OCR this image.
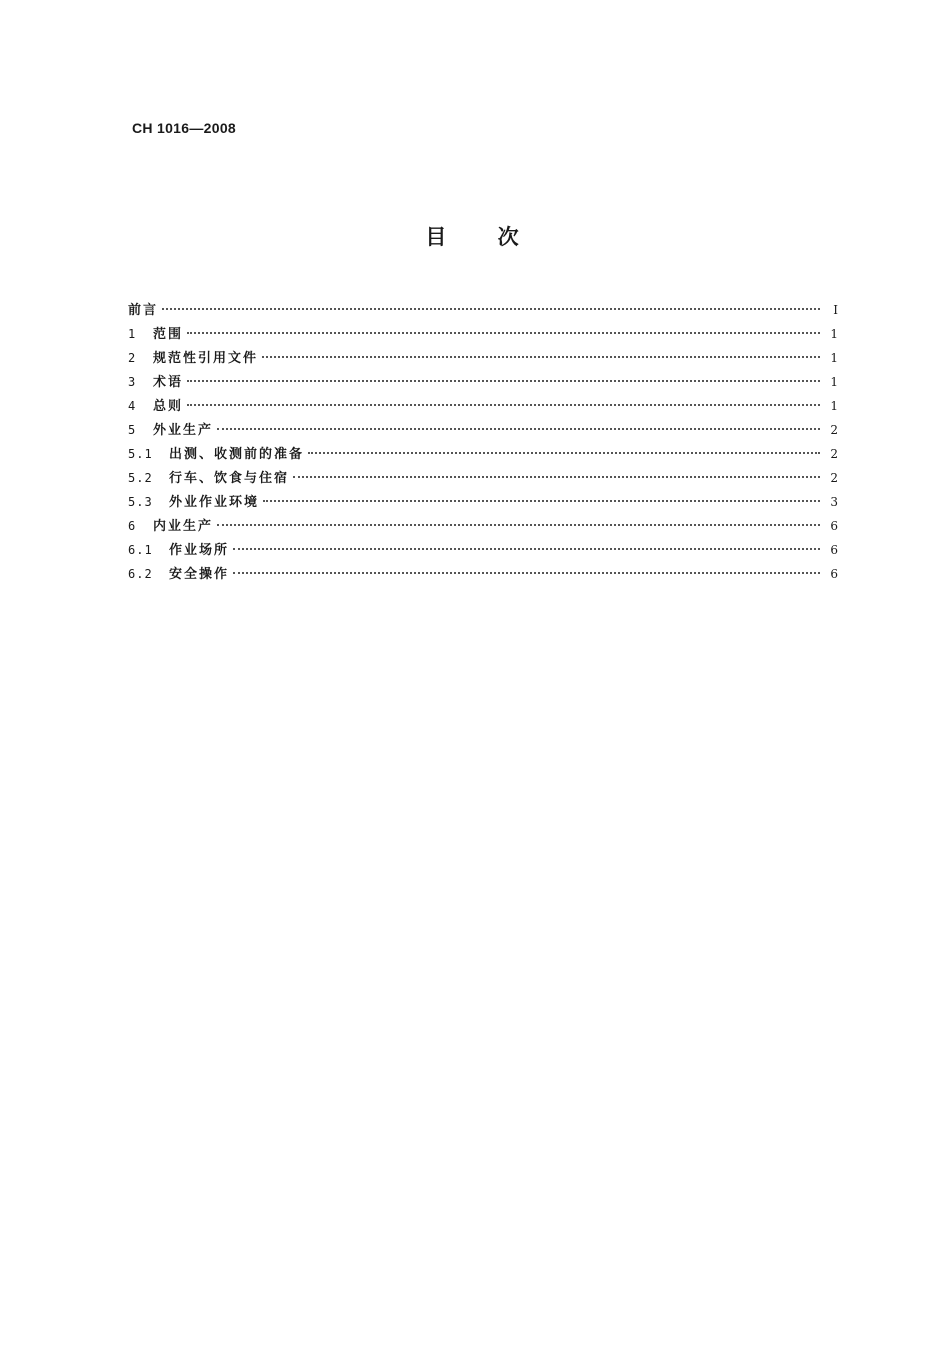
CH 1016—2008
目 次
前言	Ⅰ
1	范围	1
2	规范性引用文件	1
3	术语	1
4	总则	1
5	外业生产	2
5.1	出测、收测前的准备	2
5.2	行车、饮食与住宿	2
5.3	外业作业环境	3
6	内业生产	6
6.1	作业场所	6
6.2	安全操作	6
